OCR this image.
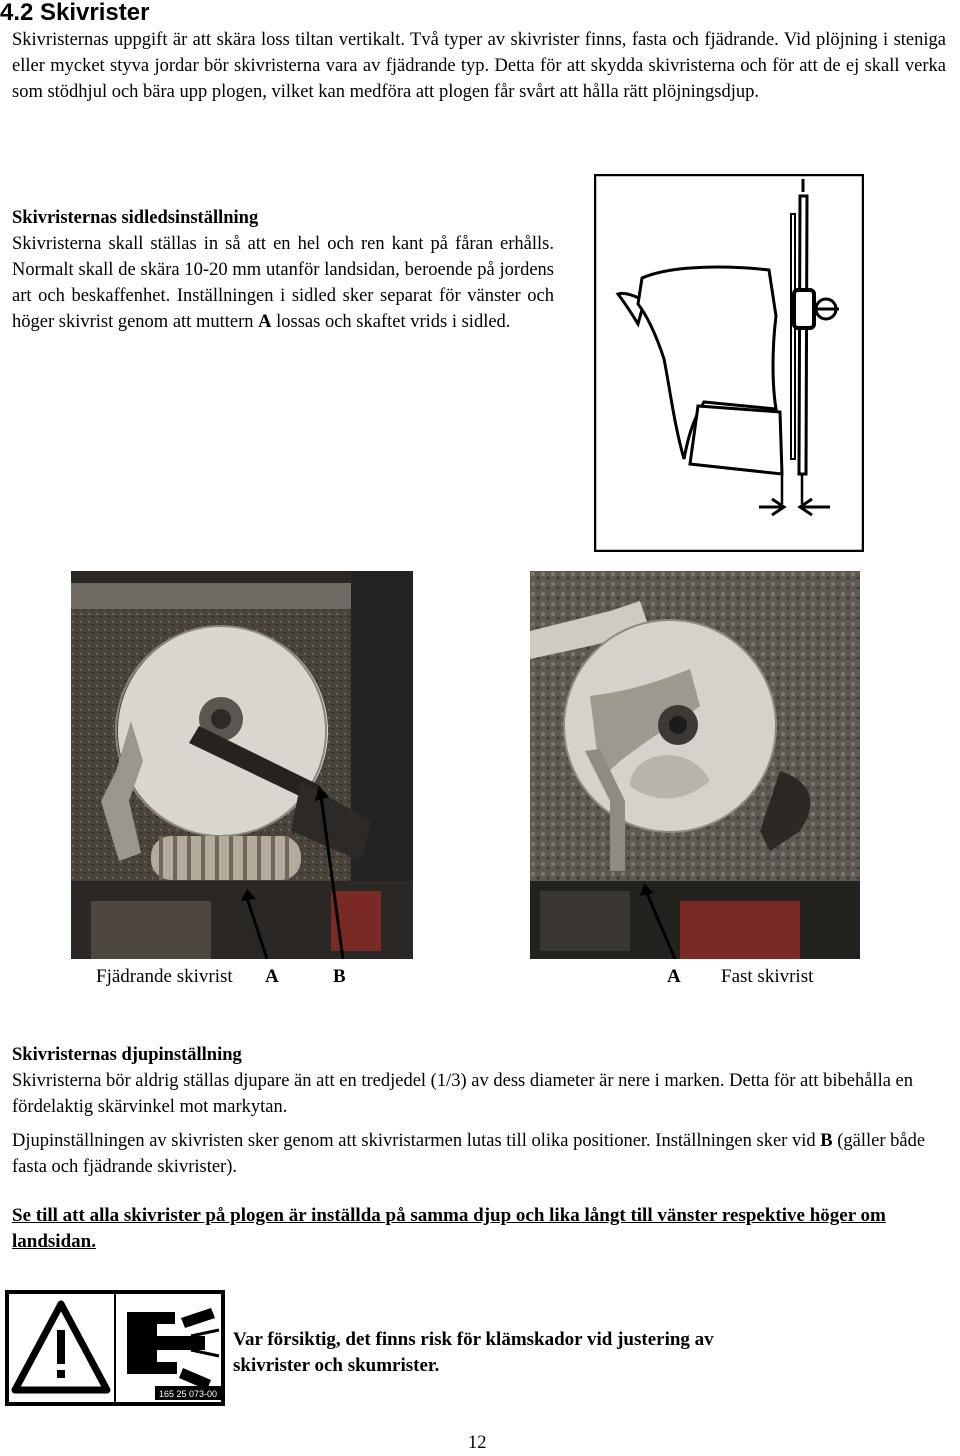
4.2 Skivrister
Skivristernas uppgift är att skära loss tiltan vertikalt. Två typer av skivrister finns, fasta och fjädrande. Vid plöjning i steniga eller mycket styva jordar bör skivristerna vara av fjädrande typ. Detta för att skydda skivristerna och för att de ej skall verka som stödhjul och bära upp plogen, vilket kan medföra att plogen får svårt att hålla rätt plöjningsdjup.
Skivristernas sidledsinställning
Skivristerna skall ställas in så att en hel och ren kant på fåran erhålls. Normalt skall de skära 10-20 mm utanför landsidan, beroende på jordens art och beskaffenhet. Inställningen i sidled sker separat för vänster och höger skivrist genom att muttern A lossas och skaftet vrids i sidled.
Fjädrande skivrist A	B	A Fast skivrist
Skivristernas djupinställning
Skivristerna bör aldrig ställas djupare än att en tredjedel (1/3) av dess diameter är nere i marken. Detta för att bibehålla en fördelaktig skärvinkel mot markytan.
Djupinställningen av skivristen sker genom att skivristarmen lutas till olika positioner. Inställningen sker vid B (gäller både fasta och fjädrande skivrister).
Se till att alla skivrister på plogen är inställda på samma djup och lika långt till vänster respektive höger om landsidan.
165 25 073-00
Var försiktig, det finns risk för klämskador vid justering av skivrister och skumrister.
12
